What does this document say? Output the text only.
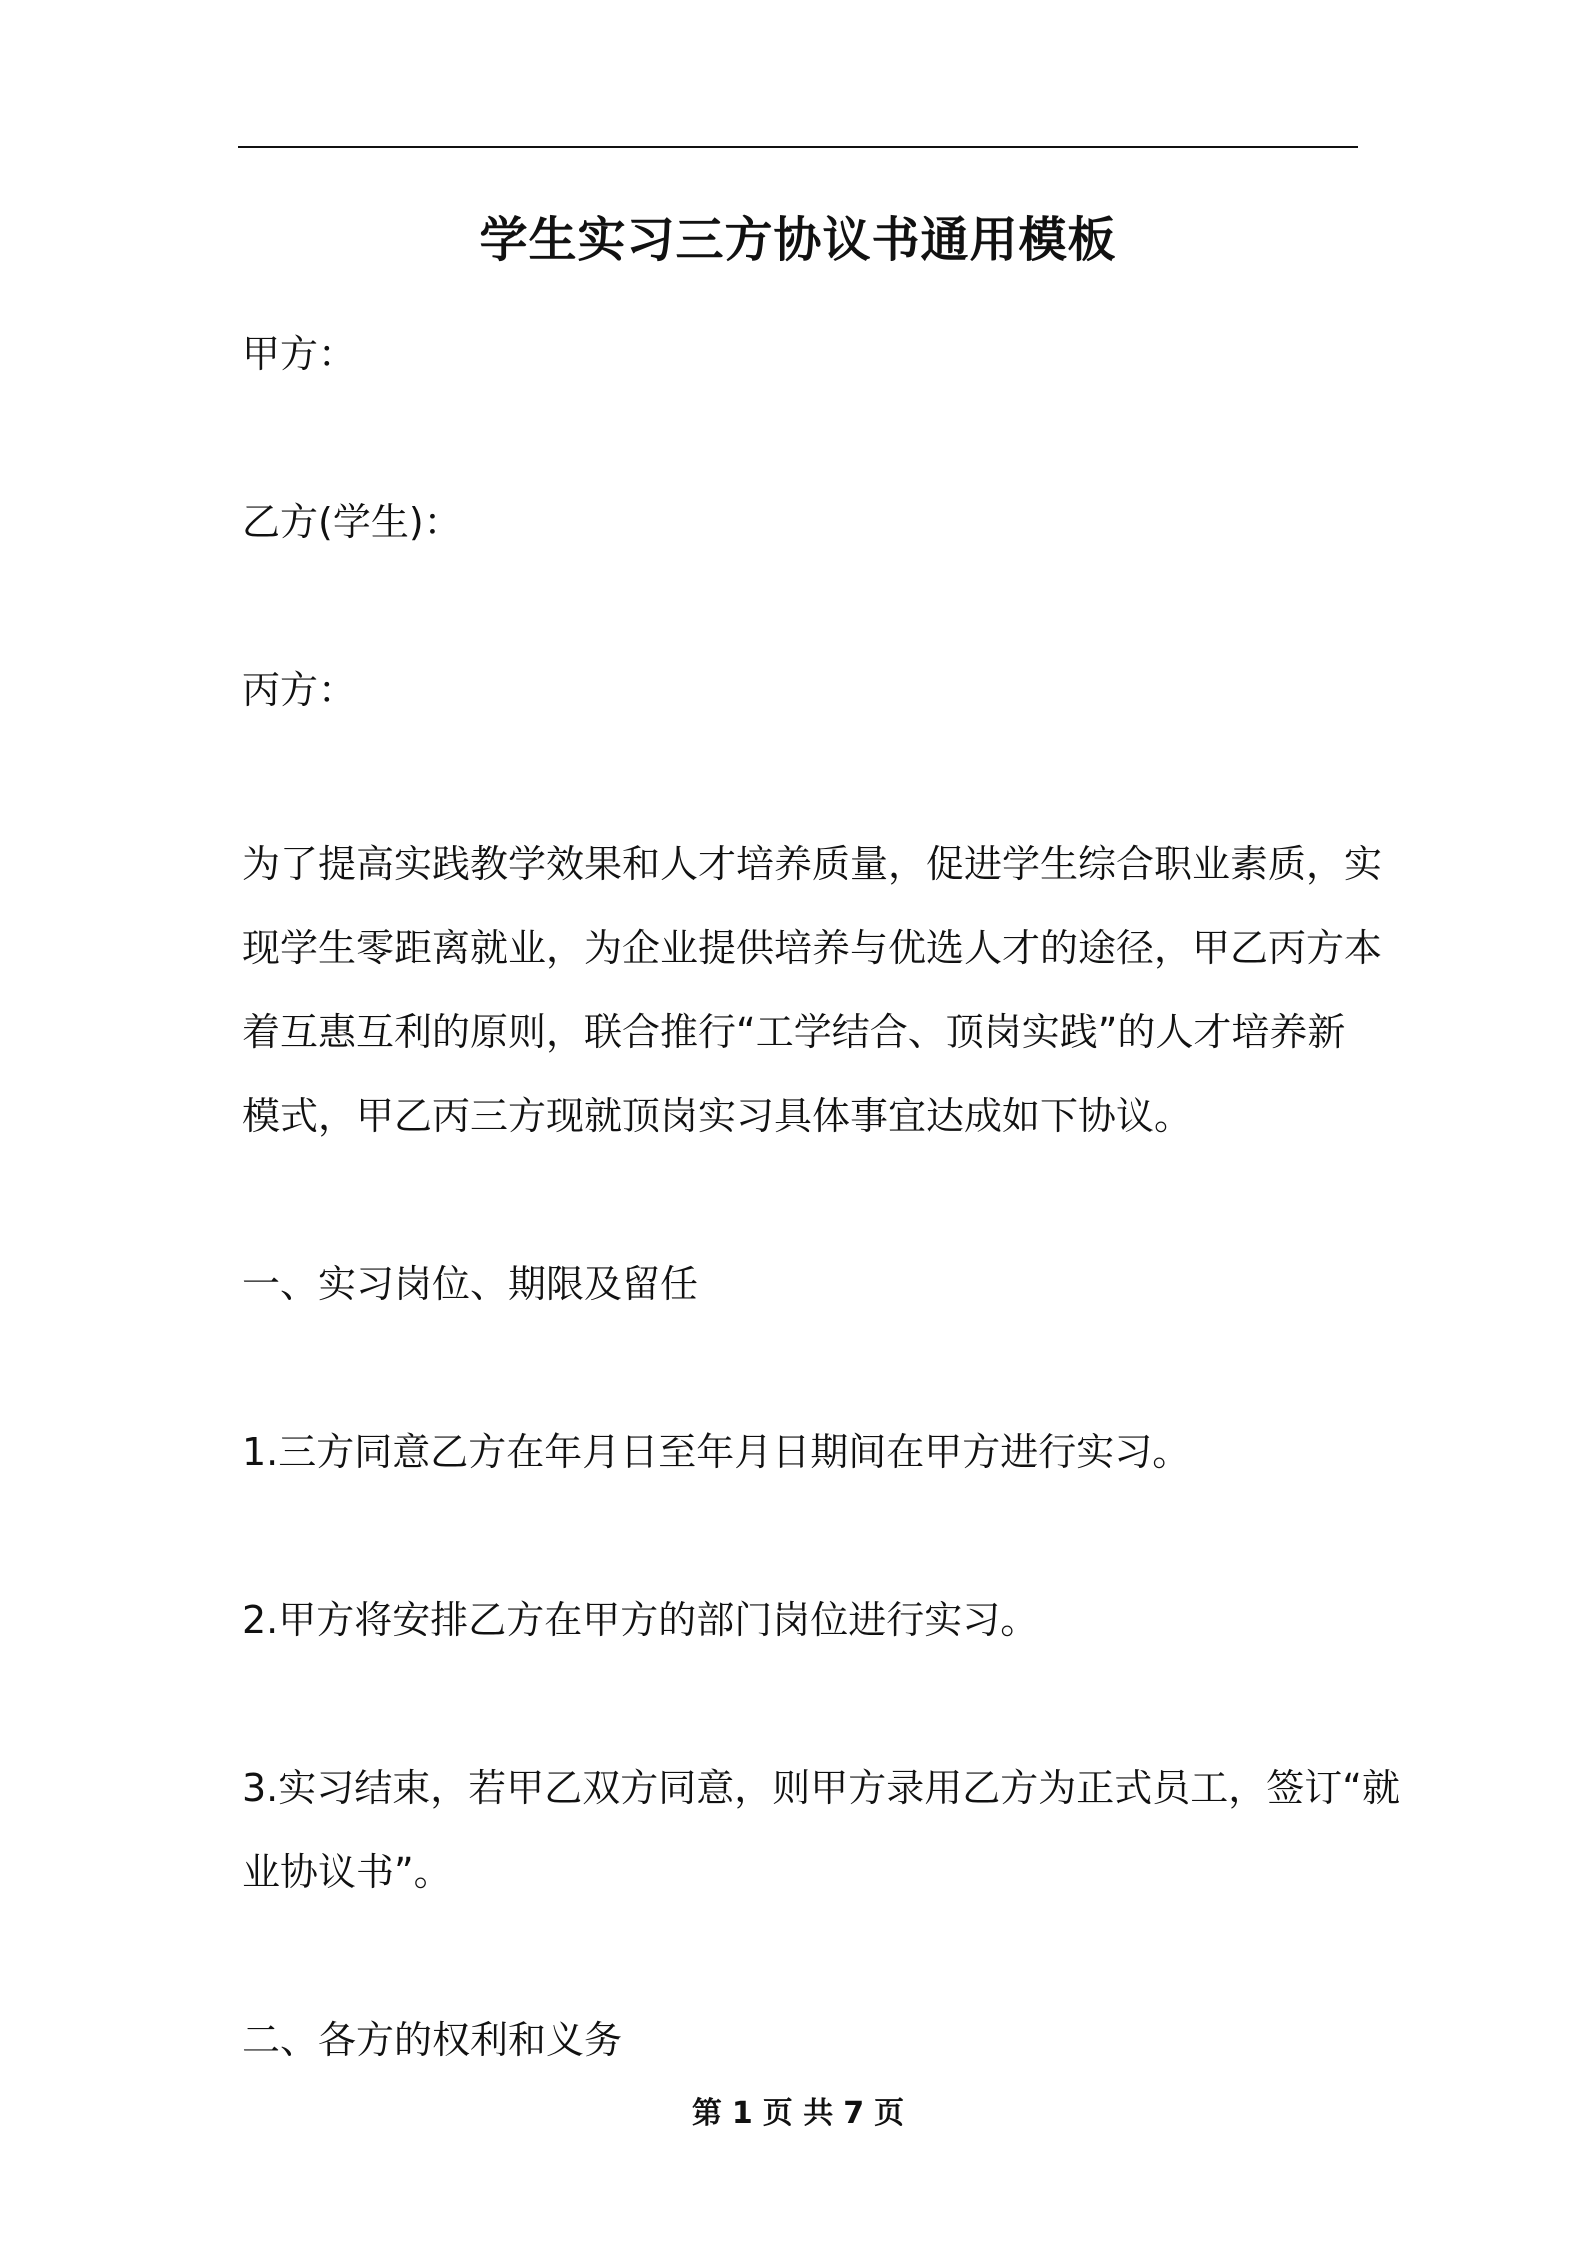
学生实习三方协议书通用模板
甲方：
乙方(学生)：
丙方：
为了提高实践教学效果和人才培养质量，促进学生综合职业素质，实
现学生零距离就业，为企业提供培养与优选人才的途径，甲乙丙方本
着互惠互利的原则，联合推行“工学结合、顶岗实践”的人才培养新
模式，甲乙丙三方现就顶岗实习具体事宜达成如下协议。
一、实习岗位、期限及留任
1.三方同意乙方在年月日至年月日期间在甲方进行实习。
2.甲方将安排乙方在甲方的部门岗位进行实习。
3.实习结束，若甲乙双方同意，则甲方录用乙方为正式员工，签订“就
业协议书”。
二、各方的权利和义务
第 1 页 共 7 页
